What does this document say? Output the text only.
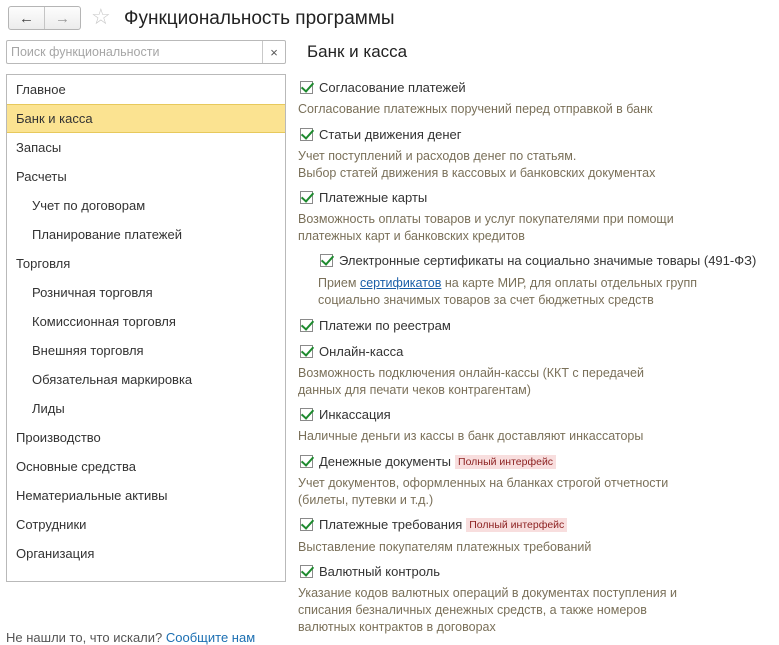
← → ☆ Функциональность программы
Поиск функциональности
×
Главное
Банк и касса
Запасы
Расчеты
Учет по договорам
Планирование платежей
Торговля
Розничная торговля
Комиссионная торговля
Внешняя торговля
Обязательная маркировка
Лиды
Производство
Основные средства
Нематериальные активы
Сотрудники
Организация
Не нашли то, что искали? Сообщите нам
Банк и касса
Согласование платежей
Согласование платежных поручений перед отправкой в банк
Статьи движения денег
Учет поступлений и расходов денег по статьям.
Выбор статей движения в кассовых и банковских документах
Платежные карты
Возможность оплаты товаров и услуг покупателями при помощи
платежных карт и банковских кредитов
Электронные сертификаты на социально значимые товары (491-ФЗ)
Прием сертификатов на карте МИР, для оплаты отдельных групп
социально значимых товаров за счет бюджетных средств
Платежи по реестрам
Онлайн-касса
Возможность подключения онлайн-кассы (ККТ с передачей
данных для печати чеков контрагентам)
Инкассация
Наличные деньги из кассы в банк доставляют инкассаторы
Денежные документы Полный интерфейс
Учет документов, оформленных на бланках строгой отчетности
(билеты, путевки и т.д.)
Платежные требования Полный интерфейс
Выставление покупателям платежных требований
Валютный контроль
Указание кодов валютных операций в документах поступления и
списания безналичных денежных средств, а также номеров
валютных контрактов в договорах
